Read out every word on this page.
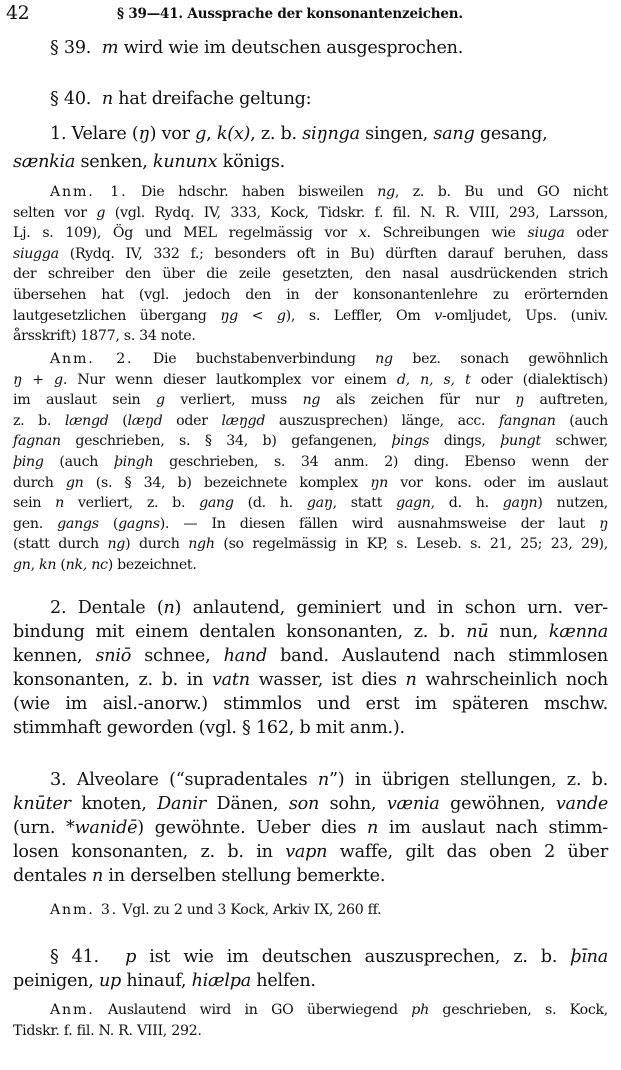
42	§ 39—41. Aussprache der konsonantenzeichen.
§ 39. m wird wie im deutschen ausgesprochen.
§ 40. n hat dreifache geltung:
1. Velare (ŋ) vor g, k(x), z. b. siŋnga singen, sang gesang,
sænkia senken, kununx königs.
Anm. 1. Die hdschr. haben bisweilen ng, z. b. Bu und GO nicht
selten vor g (vgl. Rydq. IV, 333, Kock, Tidskr. f. fil. N. R. VIII, 293, Larsson,
Lj. s. 109), Ög und MEL regelmässig vor x. Schreibungen wie siuga oder
siugga (Rydq. IV, 332 f.; besonders oft in Bu) dürften darauf beruhen, dass
der schreiber den über die zeile gesetzten, den nasal ausdrückenden strich
übersehen hat (vgl. jedoch den in der konsonantenlehre zu erörternden
lautgesetzlichen übergang ŋg < g), s. Leffler, Om v-omljudet, Ups. (univ.
årsskrift) 1877, s. 34 note.
Anm. 2. Die buchstabenverbindung ng bez. sonach gewöhnlich
ŋ + g. Nur wenn dieser lautkomplex vor einem d, n, s, t oder (dialektisch)
im auslaut sein g verliert, muss ng als zeichen für nur ŋ auftreten,
z. b. længd (læŋd oder læŋgd auszusprechen) länge, acc. fangnan (auch
fagnan geschrieben, s. § 34, b) gefangenen, þings dings, þungt schwer,
þing (auch þingh geschrieben, s. 34 anm. 2) ding. Ebenso wenn der
durch gn (s. § 34, b) bezeichnete komplex ŋn vor kons. oder im auslaut
sein n verliert, z. b. gang (d. h. gaŋ, statt gagn, d. h. gaŋn) nutzen,
gen. gangs (gagns). — In diesen fällen wird ausnahmsweise der laut ŋ
(statt durch ng) durch ngh (so regelmässig in KP, s. Leseb. s. 21, 25; 23, 29),
gn, kn (nk, nc) bezeichnet.
2. Dentale (n) anlautend, geminiert und in schon urn. ver-
bindung mit einem dentalen konsonanten, z. b. nū nun, kænna
kennen, sniō schnee, hand band. Auslautend nach stimmlosen
konsonanten, z. b. in vatn wasser, ist dies n wahrscheinlich noch
(wie im aisl.-anorw.) stimmlos und erst im späteren mschw.
stimmhaft geworden (vgl. § 162, b mit anm.).
3. Alveolare (“supradentales n”) in übrigen stellungen, z. b.
knūter knoten, Danir Dänen, son sohn, vænia gewöhnen, vande
(urn. *wanidē) gewöhnte. Ueber dies n im auslaut nach stimm-
losen konsonanten, z. b. in vapn waffe, gilt das oben 2 über
dentales n in derselben stellung bemerkte.
Anm. 3. Vgl. zu 2 und 3 Kock, Arkiv IX, 260 ff.
§ 41. p ist wie im deutschen auszusprechen, z. b. þīna
peinigen, up hinauf, hiælpa helfen.
Anm. Auslautend wird in GO überwiegend ph geschrieben, s. Kock,
Tidskr. f. fil. N. R. VIII, 292.
